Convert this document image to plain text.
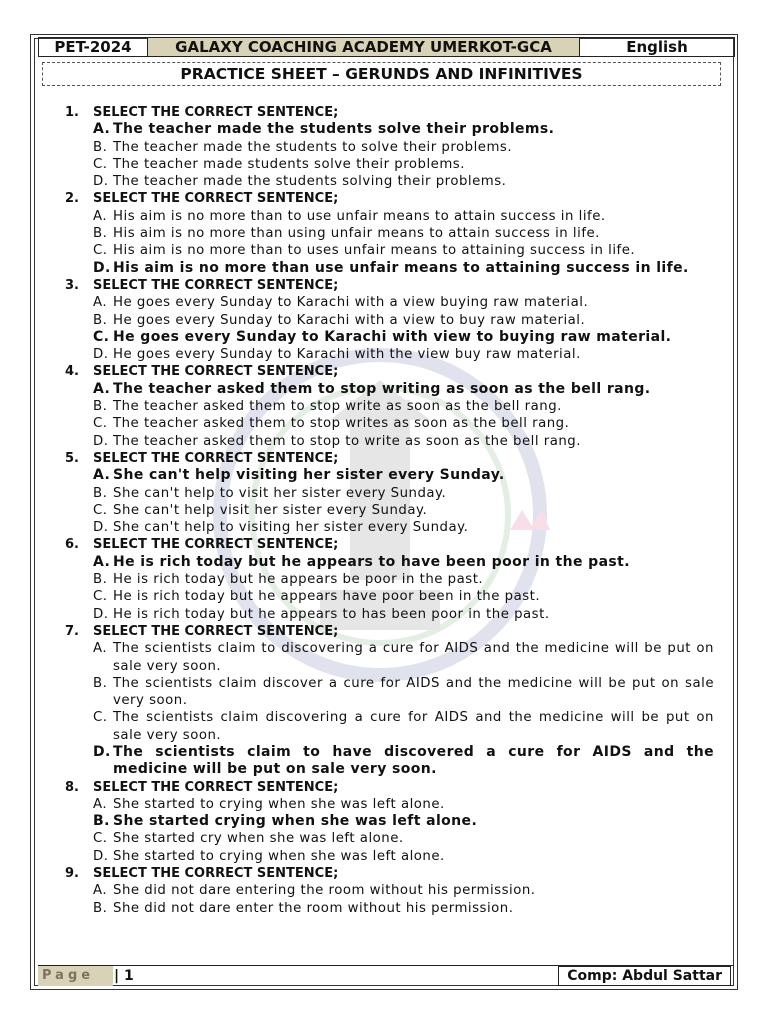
PET-2024	GALAXY COACHING ACADEMY UMERKOT-GCA	English
PRACTICE SHEET – GERUNDS AND INFINITIVES
1.	SELECT THE CORRECT SENTENCE;
A. The teacher made the students solve their problems.
B. The teacher made the students to solve their problems.
C. The teacher made students solve their problems.
D. The teacher made the students solving their problems.
2.	SELECT THE CORRECT SENTENCE;
A. His aim is no more than to use unfair means to attain success in life.
B. His aim is no more than using unfair means to attain success in life.
C. His aim is no more than to uses unfair means to attaining success in life.
D. His aim is no more than use unfair means to attaining success in life.
3.	SELECT THE CORRECT SENTENCE;
A. He goes every Sunday to Karachi with a view buying raw material.
B. He goes every Sunday to Karachi with a view to buy raw material.
C. He goes every Sunday to Karachi with view to buying raw material.
D. He goes every Sunday to Karachi with the view buy raw material.
4.	SELECT THE CORRECT SENTENCE;
A. The teacher asked them to stop writing as soon as the bell rang.
B. The teacher asked them to stop write as soon as the bell rang.
C. The teacher asked them to stop writes as soon as the bell rang.
D. The teacher asked them to stop to write as soon as the bell rang.
5.	SELECT THE CORRECT SENTENCE;
A. She can't help visiting her sister every Sunday.
B. She can't help to visit her sister every Sunday.
C. She can't help visit her sister every Sunday.
D. She can't help to visiting her sister every Sunday.
6.	SELECT THE CORRECT SENTENCE;
A. He is rich today but he appears to have been poor in the past.
B. He is rich today but he appears be poor in the past.
C. He is rich today but he appears have poor been in the past.
D. He is rich today but he appears to has been poor in the past.
7.	SELECT THE CORRECT SENTENCE;
A. The scientists claim to discovering a cure for AIDS and the medicine will be put on sale very soon.
B. The scientists claim discover a cure for AIDS and the medicine will be put on sale very soon.
C. The scientists claim discovering a cure for AIDS and the medicine will be put on sale very soon.
D. The scientists claim to have discovered a cure for AIDS and the medicine will be put on sale very soon.
8.	SELECT THE CORRECT SENTENCE;
A. She started to crying when she was left alone.
B. She started crying when she was left alone.
C. She started cry when she was left alone.
D. She started to crying when she was left alone.
9.	SELECT THE CORRECT SENTENCE;
A. She did not dare entering the room without his permission.
B. She did not dare enter the room without his permission.
Page	| 1	Comp: Abdul Sattar
